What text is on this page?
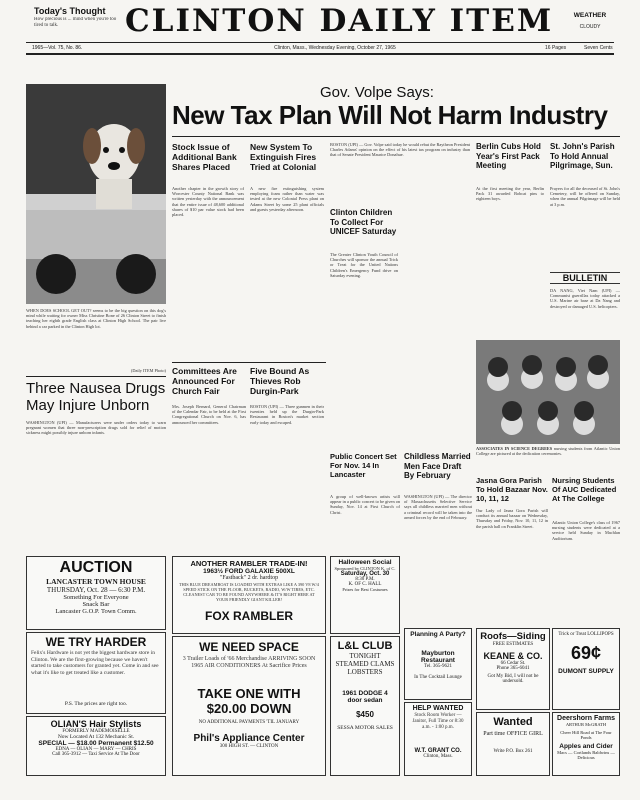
Today's Thought
How precious is ... mind when you're too tired to talk.	CLINTON DAILY ITEM	WEATHER
CLOUDY
1965—Vol. 75, No. 86.	Clinton, Mass., Wednesday Evening, October 27, 1965	16 Pages	Seven Cents
WHEN DOES SCHOOL GET OUT? seems to be the big question on this dog's mind while waiting for owner Miss Christine Bone of 26 Clinton Street to finish teaching her eighth grade English class at Clinton High School. The pair live behind a car parked in the Clinton High lot.
(Daily ITEM Photo)
Gov. Volpe Says:
New Tax Plan Will Not Harm Industry
Stock Issue of Additional Bank Shares Placed
Another chapter in the growth story of Worcester County National Bank was written yesterday with the announcement that the entire issue of 48,600 additional shares of $10 par value stock had been placed.
New System To Extinguish Fires Tried at Colonial
A new fire extinguishing system employing foam rather than water was tested at the new Colonial Press plant on Adams Street by some 25 plant officials and guests yesterday afternoon.
BOSTON (UPI) — Gov. Volpe said today he would rebut the Raytheon President Charles Adams' opinion on the effect of his latest tax program on industry than that of Senate President Maurice Donahue.
Clinton Children To Collect For UNICEF Saturday
The Greater Clinton Youth Council of Churches will sponsor the annual Trick or Treat for the United Nations Children's Emergency Fund drive on Saturday evening.
Berlin Cubs Hold Year's First Pack Meeting
At the first meeting the year, Berlin Pack 31 awarded Bobcat pins to eighteen boys.
St. John's Parish To Hold Annual Pilgrimage, Sun.
Prayers for all the deceased of St. John's Cemetery, will be offered on Sunday, when the annual Pilgrimage will be held at 3 p.m.
BULLETIN
DA NANG, Viet Nam (UPI) — Communist guerrillas today attacked a U.S. Marine air base at Da Nang and destroyed or damaged U.S. helicopters.
ASSOCIATES IN SCIENCE DEGREES nursing students from Atlantic Union College are pictured at the dedication ceremonies.
Three Nausea Drugs May Injure Unborn
WASHINGTON (UPI) — Manufacturers were under orders today to warn pregnant women that three non-prescription drugs sold for relief of motion sickness might possibly injure unborn infants.
Committees Are Announced For Church Fair
Mrs. Joseph Bernard, General Chairman of the Calendar Fair, to be held at the First Congregational Church on Nov. 6, has announced her committees.
Five Bound As Thieves Rob Durgin-Park
BOSTON (UPI) — Three gunmen in their twenties held up the Durgin-Park Restaurant in Boston's market section early today and escaped.
Public Concert Set For Nov. 14 In Lancaster
A group of well-known artists will appear in a public concert to be given on Sunday, Nov. 14 at First Church of Christ.
Childless Married Men Face Draft By February
WASHINGTON (UPI) — The director of Massachusetts Selective Service says all childless married men without a criminal record will be taken into the armed forces by the end of February.
Jasna Gora Parish To Hold Bazaar Nov. 10, 11, 12
Our Lady of Jasna Gora Parish will conduct its annual bazaar on Wednesday, Thursday and Friday, Nov. 10, 11, 12 in the parish hall on Franklin Street.
Nursing Students Of AUC Dedicated At The College
Atlantic Union College's class of 1967 nursing students were dedicated at a service held Sunday in Machlan Auditorium.
AUCTION
LANCASTER TOWN HOUSE
THURSDAY, Oct. 28 — 6:30 P.M.
Something For Everyone
Snack Bar
Lancaster G.O.P. Town Comm.
ANOTHER RAMBLER TRADE-IN!
1963½ FORD GALAXIE 500XL
"Fastback" 2 dr. hardtop
THIS BLUE DREAMBOAT IS LOADED WITH EXTRAS LIKE A 390 V8 W/4 SPEED STICK ON THE FLOOR, BUCKETS, RADIO, W/W TIRES, ETC. CLEANEST CAR TO BE FOUND ANYWHERE & IT'S RIGHT HERE AT YOUR FRIENDLY GIANT KILLER!
FOX RAMBLER
Halloween Social
Sponsored by CLINTON K. of C.
Saturday, Oct. 30
8:30 P.M.
K. OF C. HALL
Prizes for Best Costumes
WE TRY HARDER
Felix's Hardware is not yet the biggest hardware store in Clinton. We are the first-growing because we haven't started to take customers for granted yet. Come in and see what it's like to get treated like a customer.
P.S. The prices are right too.
OLIAN'S Hair Stylists
FORMERLY MADEMOISELLE
Now Located At 132 Mechanic St.
SPECIAL — $18.00 Permanent $12.50
EDNA — OLIAN — MARY — CHRIS
Call 365-3912 — Taxi Service At The Door
WE NEED SPACE
3 Trailer Loads of '66 Merchandise ARRIVING SOON 1965 AIR CONDITIONERS At Sacrifice Prices
TAKE ONE WITH $20.00 DOWN
NO ADDITIONAL PAYMENTS 'TIL JANUARY
Phil's Appliance Center
300 HIGH ST. — CLINTON
L&L CLUB
TONIGHT
STEAMED CLAMS
LOBSTERS
1961 DODGE 4 door sedan
$450
SESSA MOTOR SALES
Planning A Party?
Mayburton Restaurant
Tel. 365-9621
In The Cocktail Lounge
HELP WANTED
Stock Room Worker — Janitor, Full Time or 8:30 a.m. - 1:00 p.m.
W.T. GRANT CO.
Clinton, Mass.
Roofs—Siding
FREE ESTIMATES
KEANE & CO.
66 Cedar St.
Phone 365-6041
Got My Bid, I will not be undersold.
Trick or Treat LOLLIPOPS
69¢
DUMONT SUPPLY
Wanted
Part time OFFICE GIRL
Write P.O. Box 261
Deershorn Farms
ARTHUR McGRATH
Cheer Hill Road at The Four Ponds
Apples and Cider
Macs — Cortlands Baldwins — Delicious
